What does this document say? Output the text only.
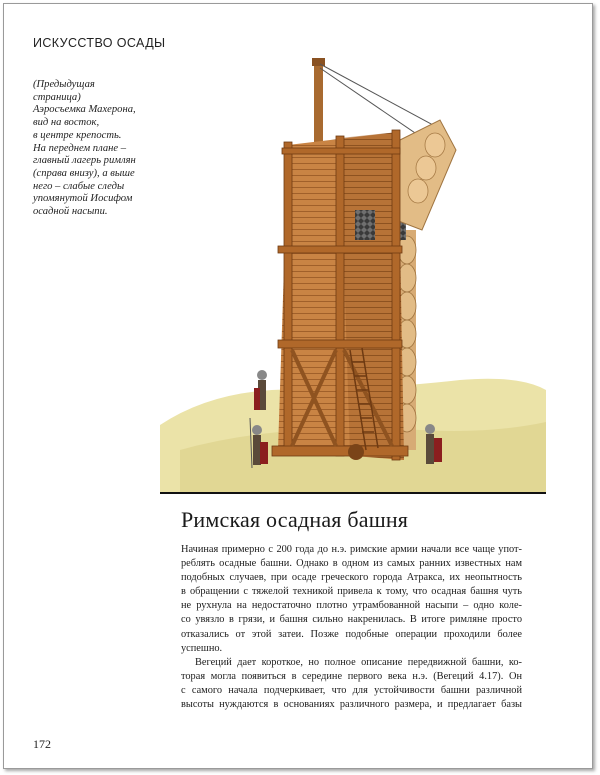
ИСКУССТВО ОСАДЫ
(Предыдущая
страница)
Аэросъемка Махерона,
вид на восток,
в центре крепость.
На переднем плане –
главный лагерь римлян
(справа внизу), а выше
него – слабые следы
упомянутой Иосифом
осадной насыпи.
Римская осадная башня

Начиная примерно с 200 года до н.э. римские армии начали все чаще упот-
реблять осадные башни. Однако в одном из самых ранних известных нам
подобных случаев, при осаде греческого города Атракса, их неопытность
в обращении с тяжелой техникой привела к тому, что осадная башня чуть
не рухнула на недостаточно плотно утрамбованной насыпи – одно коле-
со увязло в грязи, и башня сильно накренилась. В итоге римляне просто
отказались от этой затеи. Позже подобные операции проходили более
успешно.

Вегеций дает короткое, но полное описание передвижной башни, ко-
торая могла появиться в середине первого века н.э. (Вегеций 4.17). Он
с самого начала подчеркивает, что для устойчивости башни различной
высоты нуждаются в основаниях различного размера, и предлагает базы

172
